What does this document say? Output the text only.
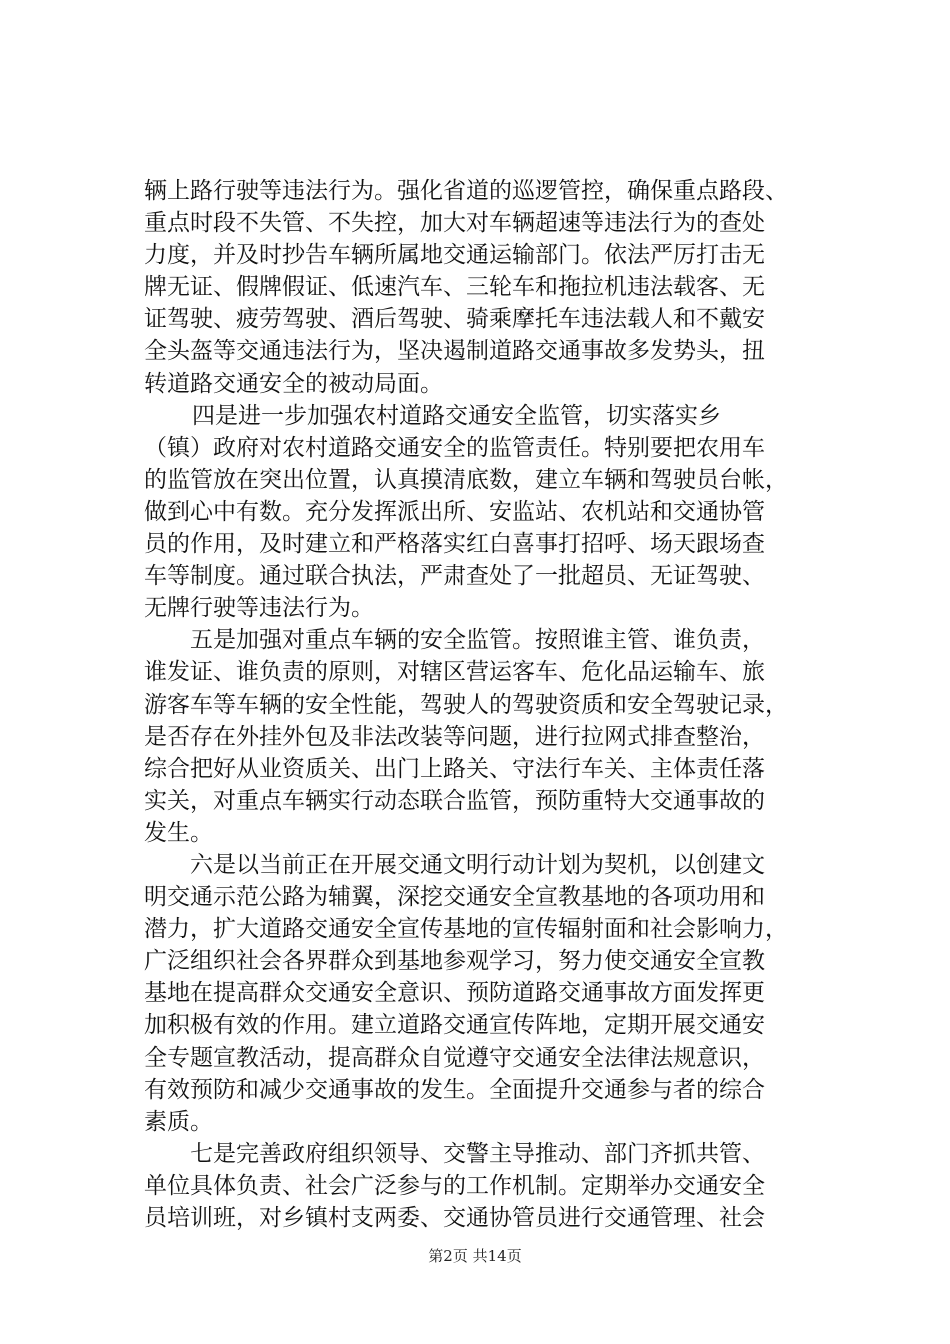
辆上路行驶等违法行为。强化省道的巡逻管控，确保重点路段、
重点时段不失管、不失控，加大对车辆超速等违法行为的查处
力度，并及时抄告车辆所属地交通运输部门。依法严厉打击无
牌无证、假牌假证、低速汽车、三轮车和拖拉机违法载客、无
证驾驶、疲劳驾驶、酒后驾驶、骑乘摩托车违法载人和不戴安
全头盔等交通违法行为，坚决遏制道路交通事故多发势头，扭
转道路交通安全的被动局面。
四是进一步加强农村道路交通安全监管，切实落实乡
（镇）政府对农村道路交通安全的监管责任。特别要把农用车
的监管放在突出位置，认真摸清底数，建立车辆和驾驶员台帐，
做到心中有数。充分发挥派出所、安监站、农机站和交通协管
员的作用，及时建立和严格落实红白喜事打招呼、场天跟场查
车等制度。通过联合执法，严肃查处了一批超员、无证驾驶、
无牌行驶等违法行为。
五是加强对重点车辆的安全监管。按照谁主管、谁负责，
谁发证、谁负责的原则，对辖区营运客车、危化品运输车、旅
游客车等车辆的安全性能，驾驶人的驾驶资质和安全驾驶记录，
是否存在外挂外包及非法改装等问题，进行拉网式排查整治，
综合把好从业资质关、出门上路关、守法行车关、主体责任落
实关，对重点车辆实行动态联合监管，预防重特大交通事故的
发生。
六是以当前正在开展交通文明行动计划为契机，以创建文
明交通示范公路为辅翼，深挖交通安全宣教基地的各项功用和
潜力，扩大道路交通安全宣传基地的宣传辐射面和社会影响力，
广泛组织社会各界群众到基地参观学习，努力使交通安全宣教
基地在提高群众交通安全意识、预防道路交通事故方面发挥更
加积极有效的作用。建立道路交通宣传阵地，定期开展交通安
全专题宣教活动，提高群众自觉遵守交通安全法律法规意识，
有效预防和减少交通事故的发生。全面提升交通参与者的综合
素质。
七是完善政府组织领导、交警主导推动、部门齐抓共管、
单位具体负责、社会广泛参与的工作机制。定期举办交通安全
员培训班，对乡镇村支两委、交通协管员进行交通管理、社会
第2页 共14页
